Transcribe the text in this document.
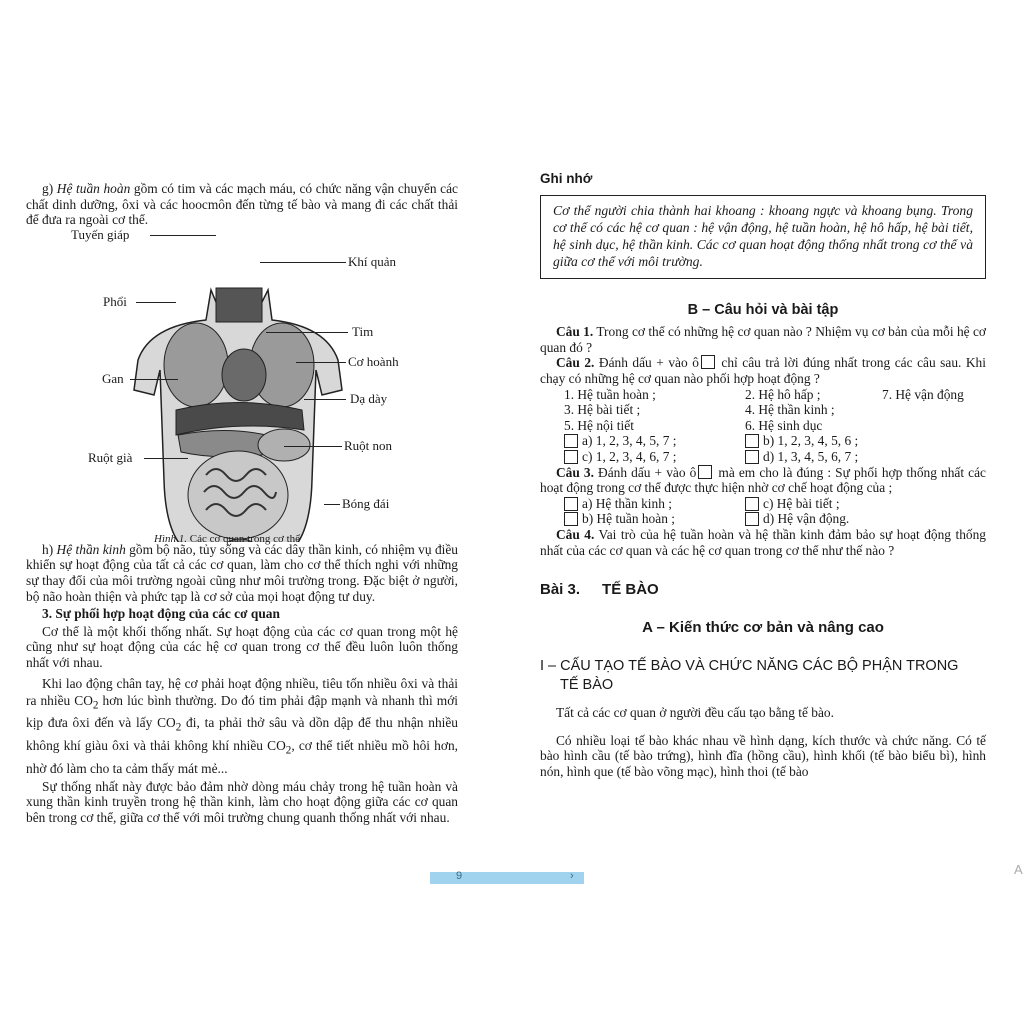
g) Hệ tuần hoàn gồm có tim và các mạch máu, có chức năng vận chuyển các chất dinh dưỡng, ôxi và các hoocmôn đến từng tế bào và mang đi các chất thải để đưa ra ngoài cơ thể.

Tuyến giáp
Khí quản
Phổi
Tim
Cơ hoành
Gan
Dạ dày
Ruột non
Ruột già
Bóng đái
Hình 1. Các cơ quan trong cơ thể

h) Hệ thần kinh gồm bộ não, tủy sống và các dây thần kinh, có nhiệm vụ điều khiển sự hoạt động của tất cả các cơ quan, làm cho cơ thể thích nghi với những sự thay đổi của môi trường ngoài cũng như môi trường trong. Đặc biệt ở người, bộ não hoàn thiện và phức tạp là cơ sở của mọi hoạt động tư duy.

3. Sự phối hợp hoạt động của các cơ quan

Cơ thể là một khối thống nhất. Sự hoạt động của các cơ quan trong một hệ cũng như sự hoạt động của các hệ cơ quan trong cơ thể đều luôn luôn thống nhất với nhau.

Khi lao động chân tay, hệ cơ phải hoạt động nhiều, tiêu tốn nhiều ôxi và thải ra nhiều $CO_2$ hơn lúc bình thường. Do đó tim phải đập mạnh và nhanh thì mới kịp đưa ôxi đến và lấy $CO_2$ đi, ta phải thở sâu và dồn dập để thu nhận nhiều không khí giàu ôxi và thải không khí nhiều $CO_2$, cơ thể tiết nhiều mồ hôi hơn, nhờ đó làm cho ta cảm thấy mát mẻ...

Sự thống nhất này được bảo đảm nhờ dòng máu chảy trong hệ tuần hoàn và xung thần kinh truyền trong hệ thần kinh, làm cho hoạt động giữa các cơ quan bên trong cơ thể, giữa cơ thể với môi trường chung quanh thống nhất với nhau.

Ghi nhớ
Cơ thể người chia thành hai khoang : khoang ngực và khoang bụng. Trong cơ thể có các hệ cơ quan : hệ vận động, hệ tuần hoàn, hệ hô hấp, hệ bài tiết, hệ sinh dục, hệ thần kinh. Các cơ quan hoạt động thống nhất trong cơ thể và giữa cơ thể với môi trường.
B – Câu hỏi và bài tập

Câu 1. Trong cơ thể có những hệ cơ quan nào ? Nhiệm vụ cơ bản của mỗi hệ cơ quan đó ?

Câu 2. Đánh dấu + vào ô chỉ câu trả lời đúng nhất trong các câu sau. Khi chạy có những hệ cơ quan nào phối hợp hoạt động ?

1. Hệ tuần hoàn ;	2. Hệ hô hấp ;	7. Hệ vận động
3. Hệ bài tiết ;	4. Hệ thần kinh ;
5. Hệ nội tiết	6. Hệ sinh dục
a) 1, 2, 3, 4, 5, 7 ;	b) 1, 2, 3, 4, 5, 6 ;
c) 1, 2, 3, 4, 6, 7 ;	d) 1, 3, 4, 5, 6, 7 ;

Câu 3. Đánh dấu + vào ô mà em cho là đúng : Sự phối hợp thống nhất các hoạt động trong cơ thể được thực hiện nhờ cơ chế hoạt động của ;

a) Hệ thần kinh ;	c) Hệ bài tiết ;
b) Hệ tuần hoàn ;	d) Hệ vận động.

Câu 4. Vai trò của hệ tuần hoàn và hệ thần kinh đảm bảo sự hoạt động thống nhất của các cơ quan và các hệ cơ quan trong cơ thể như thế nào ?

Bài 3. TẾ BÀO
A – Kiến thức cơ bản và nâng cao
I – CẤU TẠO TẾ BÀO VÀ CHỨC NĂNG CÁC BỘ PHẬN TRONG
TẾ BÀO

Tất cả các cơ quan ở người đều cấu tạo bằng tế bào.

Có nhiều loại tế bào khác nhau về hình dạng, kích thước và chức năng. Có tế bào hình cầu (tế bào trứng), hình đĩa (hồng cầu), hình khối (tế bào biểu bì), hình nón, hình que (tế bào võng mạc), hình thoi (tế bào

9	›	A
